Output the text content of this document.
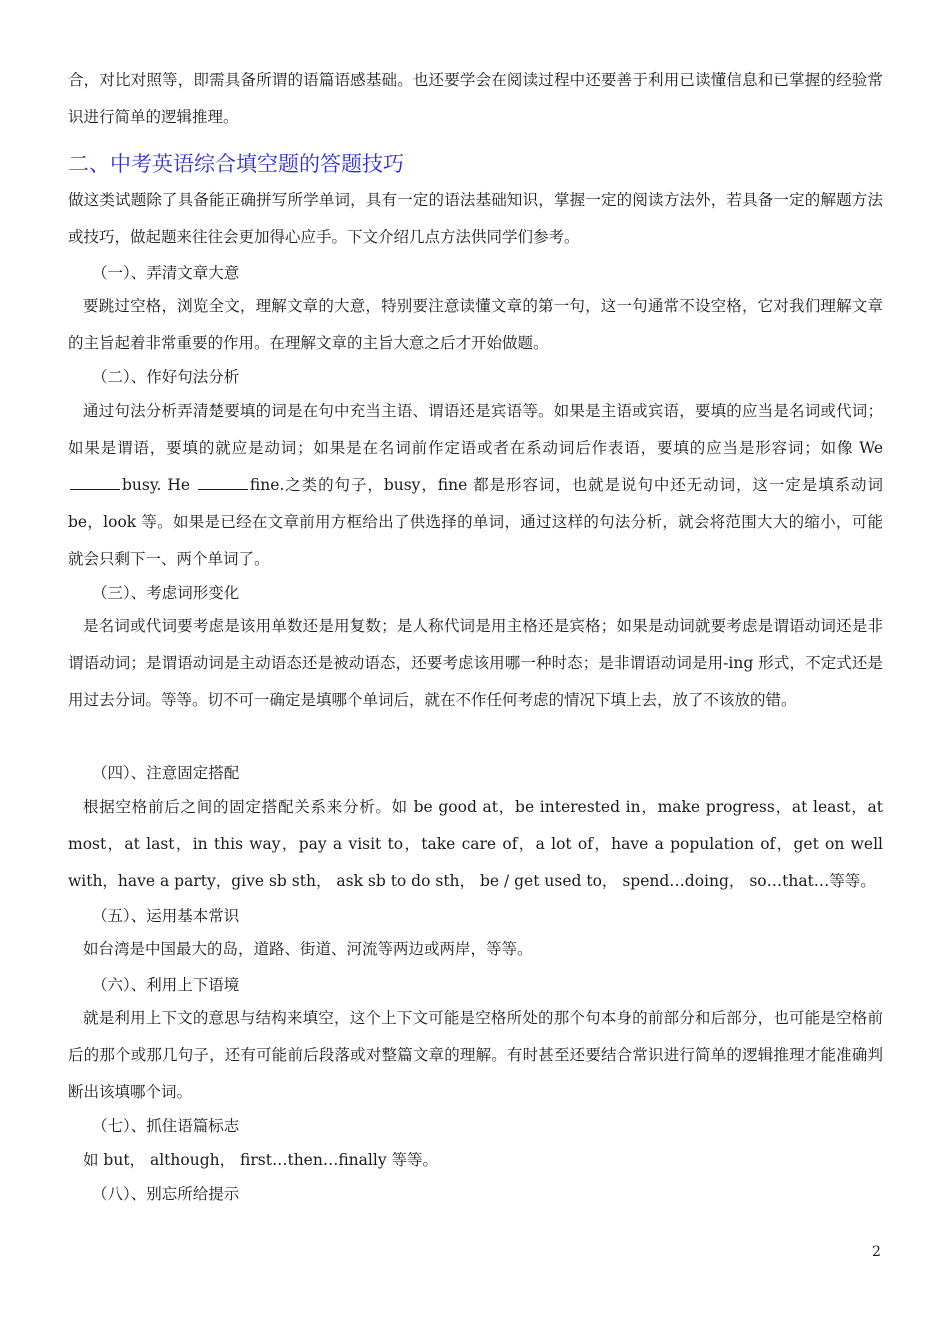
合，对比对照等，即需具备所谓的语篇语感基础。也还要学会在阅读过程中还要善于利用已读懂信息和已掌握的经验常识进行简单的逻辑推理。

二、中考英语综合填空题的答题技巧

做这类试题除了具备能正确拼写所学单词，具有一定的语法基础知识，掌握一定的阅读方法外，若具备一定的解题方法或技巧，做起题来往往会更加得心应手。下文介绍几点方法供同学们参考。

（一）、弄清文章大意

要跳过空格，浏览全文，理解文章的大意，特别要注意读懂文章的第一句，这一句通常不设空格，它对我们理解文章的主旨起着非常重要的作用。在理解文章的主旨大意之后才开始做题。

（二）、作好句法分析

通过句法分析弄清楚要填的词是在句中充当主语、谓语还是宾语等。如果是主语或宾语，要填的应当是名词或代词；如果是谓语，要填的就应是动词；如果是在名词前作定语或者在系动词后作表语，要填的应当是形容词；如像 We busy. He	fine.之类的句子，busy，fine 都是形容词，也就是说句中还无动词，这一定是填系动词 be，look 等。如果是已经在文章前用方框给出了供选择的单词，通过这样的句法分析，就会将范围大大的缩小，可能就会只剩下一、两个单词了。

（三）、考虑词形变化

是名词或代词要考虑是该用单数还是用复数；是人称代词是用主格还是宾格；如果是动词就要考虑是谓语动词还是非谓语动词；是谓语动词是主动语态还是被动语态，还要考虑该用哪一种时态；是非谓语动词是用-ing 形式，不定式还是用过去分词。等等。切不可一确定是填哪个单词后，就在不作任何考虑的情况下填上去，放了不该放的错。

（四）、注意固定搭配

根据空格前后之间的固定搭配关系来分析。如 be good at，be interested in，make progress，at least，at most，at last，in this way，pay a visit to，take care of，a lot of，have a population of，get on well with，have a party，give sb sth， ask sb to do sth， be / get used to， spend…doing， so…that…等等。

（五）、运用基本常识

如台湾是中国最大的岛，道路、街道、河流等两边或两岸，等等。

（六）、利用上下语境

就是利用上下文的意思与结构来填空，这个上下文可能是空格所处的那个句本身的前部分和后部分，也可能是空格前后的那个或那几句子，还有可能前后段落或对整篇文章的理解。有时甚至还要结合常识进行简单的逻辑推理才能准确判断出该填哪个词。

（七）、抓住语篇标志

如 but， although， first…then…finally 等等。

（八）、别忘所给提示

2
